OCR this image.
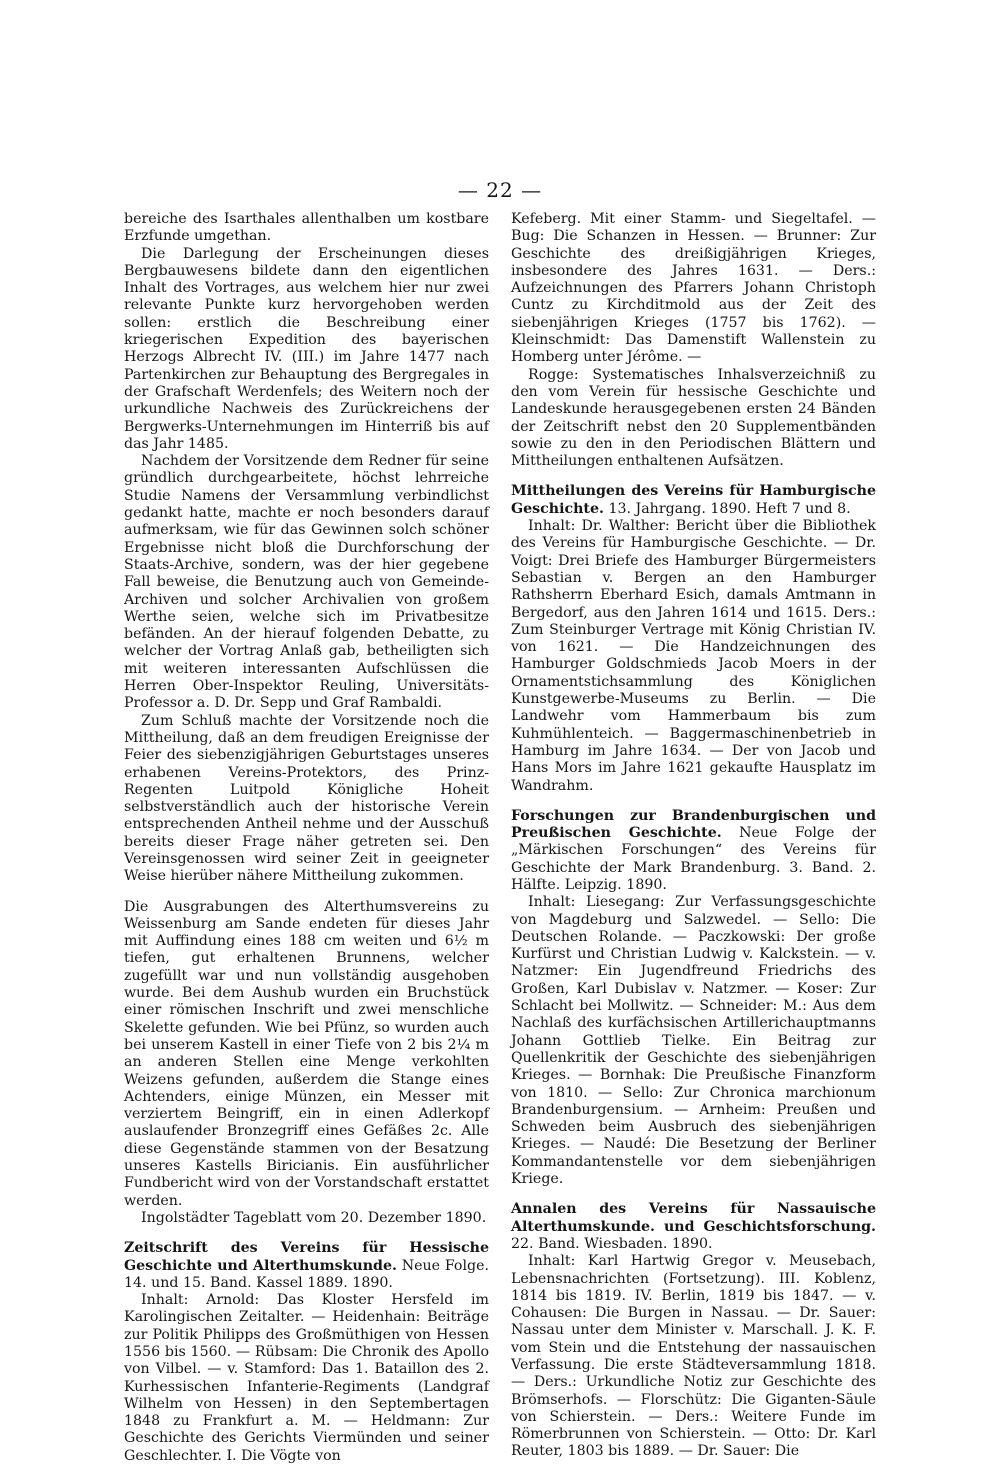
— 22 —

bereiche des Isarthales allenthalben um kostbare Erzfunde umgethan.

Die Darlegung der Erscheinungen dieses Bergbauwesens bildete dann den eigentlichen Inhalt des Vortrages, aus welchem hier nur zwei relevante Punkte kurz hervorgehoben werden sollen: erstlich die Beschreibung einer kriegerischen Expedition des bayerischen Herzogs Albrecht IV. (III.) im Jahre 1477 nach Partenkirchen zur Behauptung des Bergregales in der Grafschaft Werdenfels; des Weitern noch der urkundliche Nachweis des Zurückreichens der Bergwerks-Unternehmungen im Hinterriß bis auf das Jahr 1485.

Nachdem der Vorsitzende dem Redner für seine gründlich durchgearbeitete, höchst lehrreiche Studie Namens der Versammlung verbindlichst gedankt hatte, machte er noch besonders darauf aufmerksam, wie für das Gewinnen solch schöner Ergebnisse nicht bloß die Durchforschung der Staats-Archive, sondern, was der hier gegebene Fall beweise, die Benutzung auch von Gemeinde-Archiven und solcher Archivalien von großem Werthe seien, welche sich im Privatbesitze befänden. An der hierauf folgenden Debatte, zu welcher der Vortrag Anlaß gab, betheiligten sich mit weiteren interessanten Aufschlüssen die Herren Ober-Inspektor Reuling, Universitäts-Professor a. D. Dr. Sepp und Graf Rambaldi.

Zum Schluß machte der Vorsitzende noch die Mittheilung, daß an dem freudigen Ereignisse der Feier des siebenzigjährigen Geburtstages unseres erhabenen Vereins-Protektors, des Prinz-Regenten Luitpold Königliche Hoheit selbstverständlich auch der historische Verein entsprechenden Antheil nehme und der Ausschuß bereits dieser Frage näher getreten sei. Den Vereinsgenossen wird seiner Zeit in geeigneter Weise hierüber nähere Mittheilung zukommen.

Die Ausgrabungen des Alterthumsvereins zu Weissenburg am Sande endeten für dieses Jahr mit Auffindung eines 188 cm weiten und 6½ m tiefen, gut erhaltenen Brunnens, welcher zugefüllt war und nun vollständig ausgehoben wurde. Bei dem Aushub wurden ein Bruchstück einer römischen Inschrift und zwei menschliche Skelette gefunden. Wie bei Pfünz, so wurden auch bei unserem Kastell in einer Tiefe von 2 bis 2¼ m an anderen Stellen eine Menge verkohlten Weizens gefunden, außerdem die Stange eines Achtenders, einige Münzen, ein Messer mit verziertem Beingriff, ein in einen Adlerkopf auslaufender Bronzegriff eines Gefäßes 2c. Alle diese Gegenstände stammen von der Besatzung unseres Kastells Biricianis. Ein ausführlicher Fundbericht wird von der Vorstandschaft erstattet werden.

Ingolstädter Tageblatt vom 20. Dezember 1890.

Zeitschrift des Vereins für Hessische Geschichte und Alterthumskunde. Neue Folge. 14. und 15. Band. Kassel 1889. 1890.

Inhalt: Arnold: Das Kloster Hersfeld im Karolingischen Zeitalter. — Heidenhain: Beiträge zur Politik Philipps des Großmüthigen von Hessen 1556 bis 1560. — Rübsam: Die Chronik des Apollo von Vilbel. — v. Stamford: Das 1. Bataillon des 2. Kurhessischen Infanterie-Regiments (Landgraf Wilhelm von Hessen) in den Septembertagen 1848 zu Frankfurt a. M. — Heldmann: Zur Geschichte des Gerichts Viermünden und seiner Geschlechter. I. Die Vögte von

Kefeberg. Mit einer Stamm- und Siegeltafel. — Bug: Die Schanzen in Hessen. — Brunner: Zur Geschichte des dreißigjährigen Krieges, insbesondere des Jahres 1631. — Ders.: Aufzeichnungen des Pfarrers Johann Christoph Cuntz zu Kirchditmold aus der Zeit des siebenjährigen Krieges (1757 bis 1762). — Kleinschmidt: Das Damenstift Wallenstein zu Homberg unter Jérôme. —

Rogge: Systematisches Inhalsverzeichniß zu den vom Verein für hessische Geschichte und Landeskunde herausgegebenen ersten 24 Bänden der Zeitschrift nebst den 20 Supplementbänden sowie zu den in den Periodischen Blättern und Mittheilungen enthaltenen Aufsätzen.

Mittheilungen des Vereins für Hamburgische Geschichte. 13. Jahrgang. 1890. Heft 7 und 8.

Inhalt: Dr. Walther: Bericht über die Bibliothek des Vereins für Hamburgische Geschichte. — Dr. Voigt: Drei Briefe des Hamburger Bürgermeisters Sebastian v. Bergen an den Hamburger Rathsherrn Eberhard Esich, damals Amtmann in Bergedorf, aus den Jahren 1614 und 1615. Ders.: Zum Steinburger Vertrage mit König Christian IV. von 1621. — Die Handzeichnungen des Hamburger Goldschmieds Jacob Moers in der Ornamentstichsammlung des Königlichen Kunstgewerbe-Museums zu Berlin. — Die Landwehr vom Hammerbaum bis zum Kuhmühlenteich. — Baggermaschinenbetrieb in Hamburg im Jahre 1634. — Der von Jacob und Hans Mors im Jahre 1621 gekaufte Hausplatz im Wandrahm.

Forschungen zur Brandenburgischen und Preußischen Geschichte. Neue Folge der „Märkischen Forschungen“ des Vereins für Geschichte der Mark Brandenburg. 3. Band. 2. Hälfte. Leipzig. 1890.

Inhalt: Liesegang: Zur Verfassungsgeschichte von Magdeburg und Salzwedel. — Sello: Die Deutschen Rolande. — Paczkowski: Der große Kurfürst und Christian Ludwig v. Kalckstein. — v. Natzmer: Ein Jugendfreund Friedrichs des Großen, Karl Dubislav v. Natzmer. — Koser: Zur Schlacht bei Mollwitz. — Schneider: M.: Aus dem Nachlaß des kurfächsischen Artillerichauptmanns Johann Gottlieb Tielke. Ein Beitrag zur Quellenkritik der Geschichte des siebenjährigen Krieges. — Bornhak: Die Preußische Finanzform von 1810. — Sello: Zur Chronica marchionum Brandenburgensium. — Arnheim: Preußen und Schweden beim Ausbruch des siebenjährigen Krieges. — Naudé: Die Besetzung der Berliner Kommandantenstelle vor dem siebenjährigen Kriege.

Annalen des Vereins für Nassauische Alterthumskunde. und Geschichtsforschung. 22. Band. Wiesbaden. 1890.

Inhalt: Karl Hartwig Gregor v. Meusebach, Lebensnachrichten (Fortsetzung). III. Koblenz, 1814 bis 1819. IV. Berlin, 1819 bis 1847. — v. Cohausen: Die Burgen in Nassau. — Dr. Sauer: Nassau unter dem Minister v. Marschall. J. K. F. vom Stein und die Entstehung der nassauischen Verfassung. Die erste Städteversammlung 1818. — Ders.: Urkundliche Notiz zur Geschichte des Brömserhofs. — Florschütz: Die Giganten-Säule von Schierstein. — Ders.: Weitere Funde im Römerbrunnen von Schierstein. — Otto: Dr. Karl Reuter, 1803 bis 1889. — Dr. Sauer: Die
